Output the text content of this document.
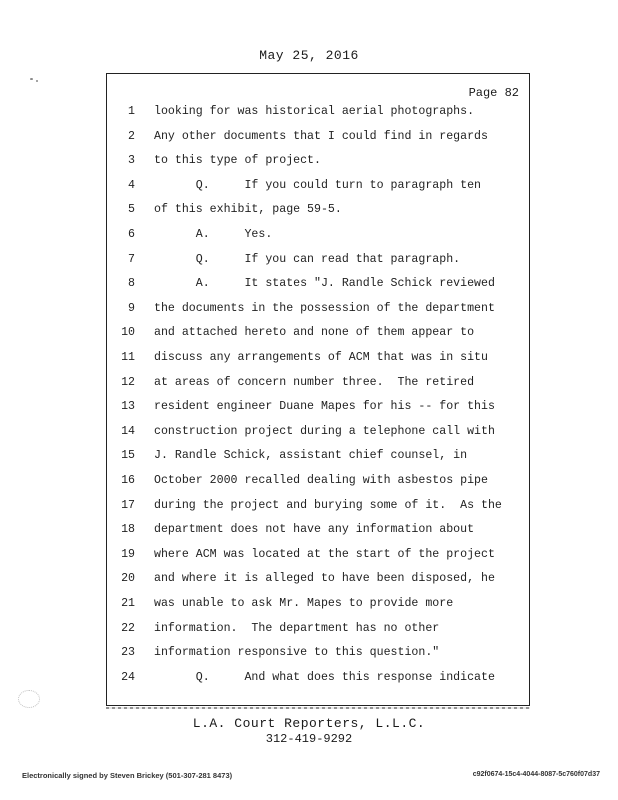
May 25, 2016
Page 82
1 looking for was historical aerial photographs.
2 Any other documents that I could find in regards
3 to this type of project.
4 Q.     If you could turn to paragraph ten
5 of this exhibit, page 59-5.
6 A.     Yes.
7 Q.     If you can read that paragraph.
8 A.     It states "J. Randle Schick reviewed
9 the documents in the possession of the department
10 and attached hereto and none of them appear to
11 discuss any arrangements of ACM that was in situ
12 at areas of concern number three.  The retired
13 resident engineer Duane Mapes for his -- for this
14 construction project during a telephone call with
15 J. Randle Schick, assistant chief counsel, in
16 October 2000 recalled dealing with asbestos pipe
17 during the project and burying some of it.  As the
18 department does not have any information about
19 where ACM was located at the start of the project
20 and where it is alleged to have been disposed, he
21 was unable to ask Mr. Mapes to provide more
22 information.  The department has no other
23 information responsive to this question."
24 Q.     And what does this response indicate
L.A. Court Reporters, L.L.C.
312-419-9292
Electronically signed by Steven Brickey (501-307-281 8473)	c92f0674-15c4-4044-8087-5c760f07d37
